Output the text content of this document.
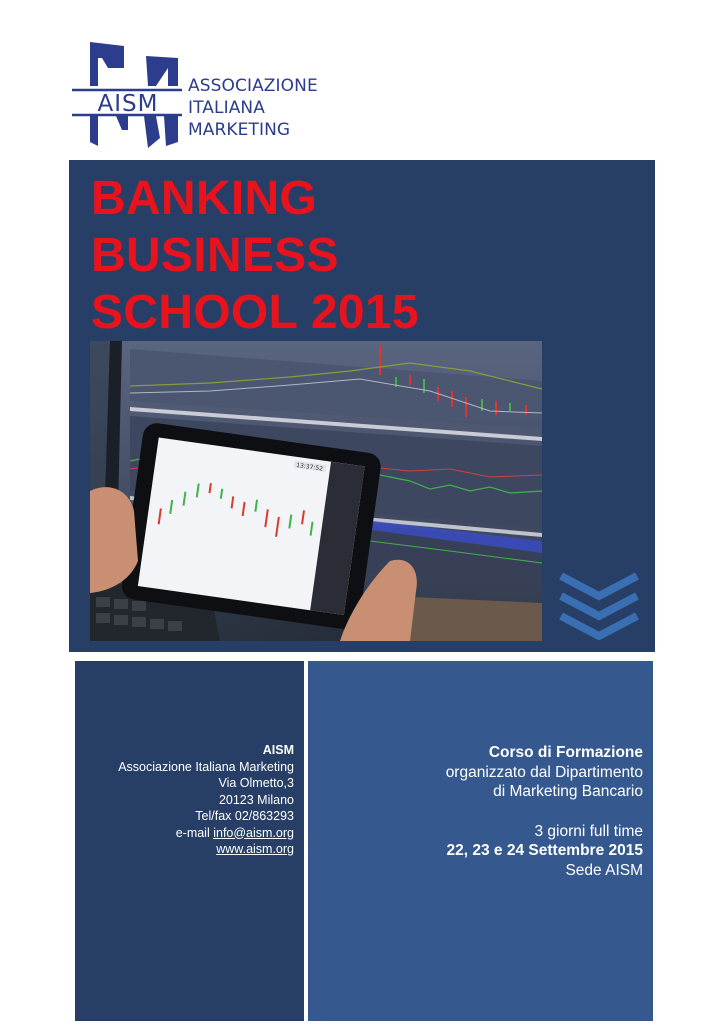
AISM
ASSOCIAZIONE
ITALIANA
MARKETING
BANKING
BUSINESS
SCHOOL 2015
13:37:52
AISM
Associazione Italiana Marketing
Via Olmetto,3
20123 Milano
Tel/fax 02/863293
e-mail info@aism.org
www.aism.org
Corso di Formazione
organizzato dal Dipartimento
di Marketing Bancario
3 giorni full time
22, 23 e 24 Settembre 2015
Sede AISM
